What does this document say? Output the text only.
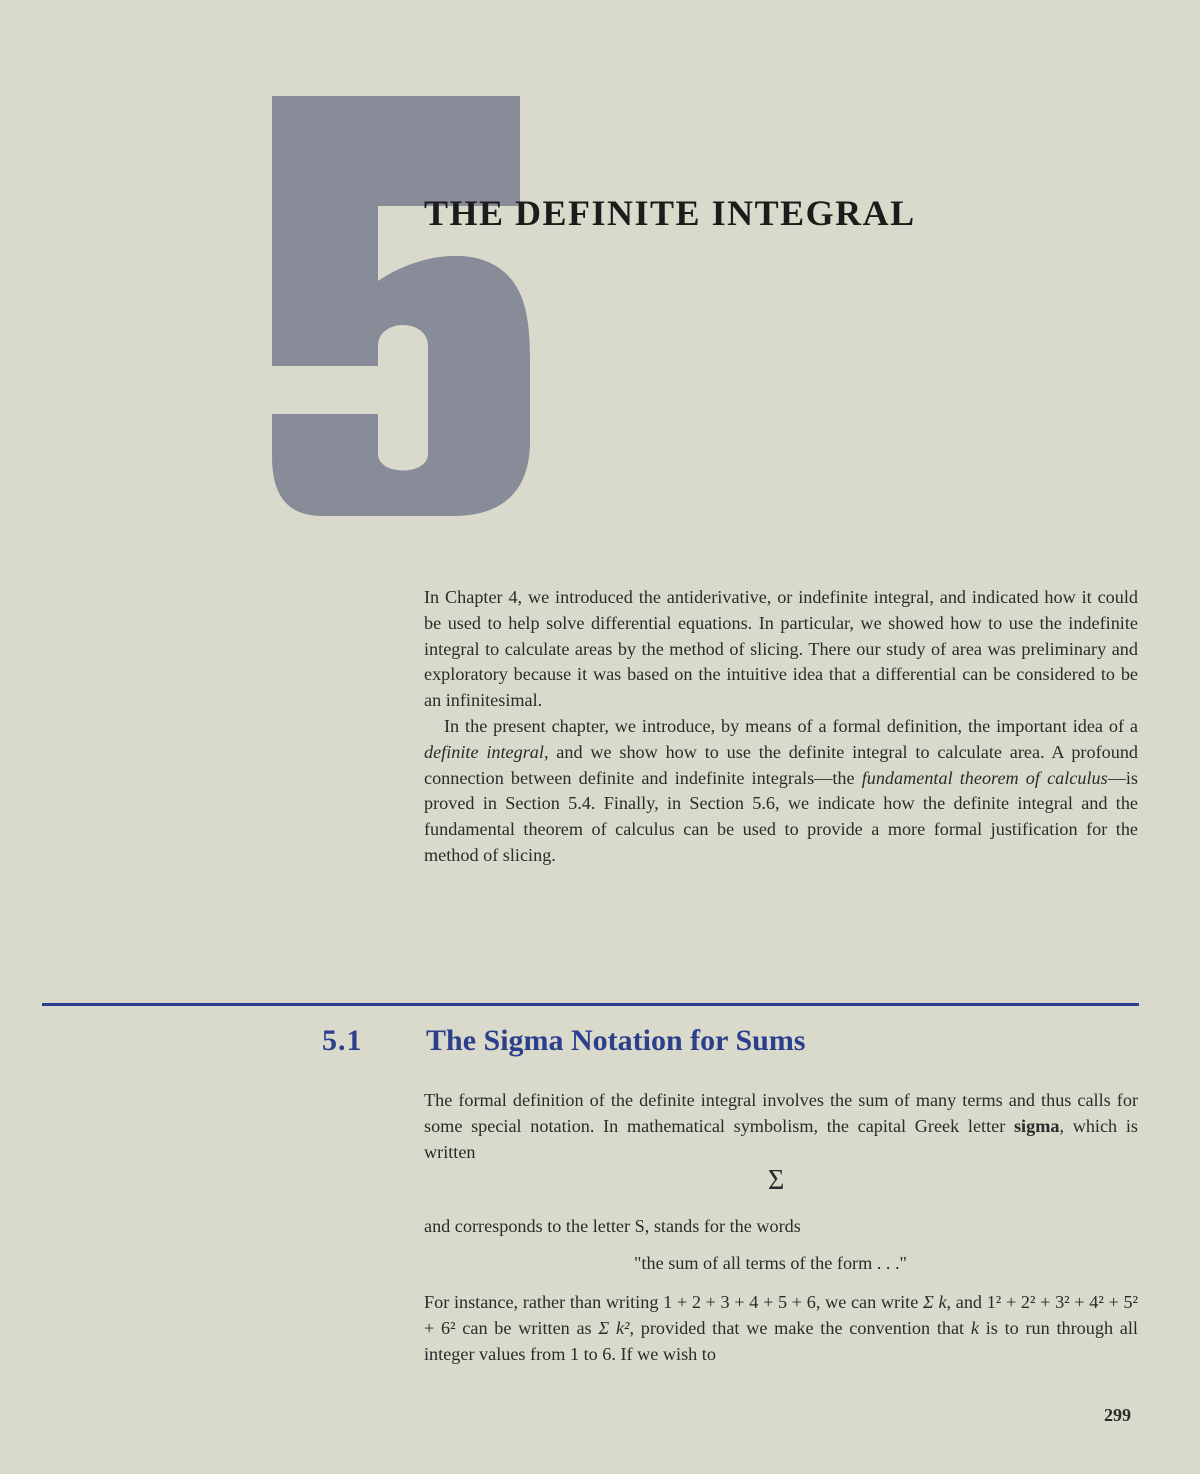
THE DEFINITE INTEGRAL

In Chapter 4, we introduced the antiderivative, or indefinite integral, and indicated how it could be used to help solve differential equations. In particular, we showed how to use the indefinite integral to calculate areas by the method of slicing. There our study of area was preliminary and exploratory because it was based on the intuitive idea that a differential can be considered to be an infinitesimal.

In the present chapter, we introduce, by means of a formal definition, the important idea of a definite integral, and we show how to use the definite integral to calculate area. A profound connection between definite and indefinite integrals—the fundamental theorem of calculus—is proved in Section 5.4. Finally, in Section 5.6, we indicate how the definite integral and the fundamental theorem of calculus can be used to provide a more formal justification for the method of slicing.

5.1 The Sigma Notation for Sums
The formal definition of the definite integral involves the sum of many terms and thus calls for some special notation. In mathematical symbolism, the capital Greek letter sigma, which is written
Σ
and corresponds to the letter S, stands for the words
"the sum of all terms of the form . . ."
For instance, rather than writing 1 + 2 + 3 + 4 + 5 + 6, we can write Σ k, and 1² + 2² + 3² + 4² + 5² + 6² can be written as Σ k², provided that we make the convention that k is to run through all integer values from 1 to 6. If we wish to
299
